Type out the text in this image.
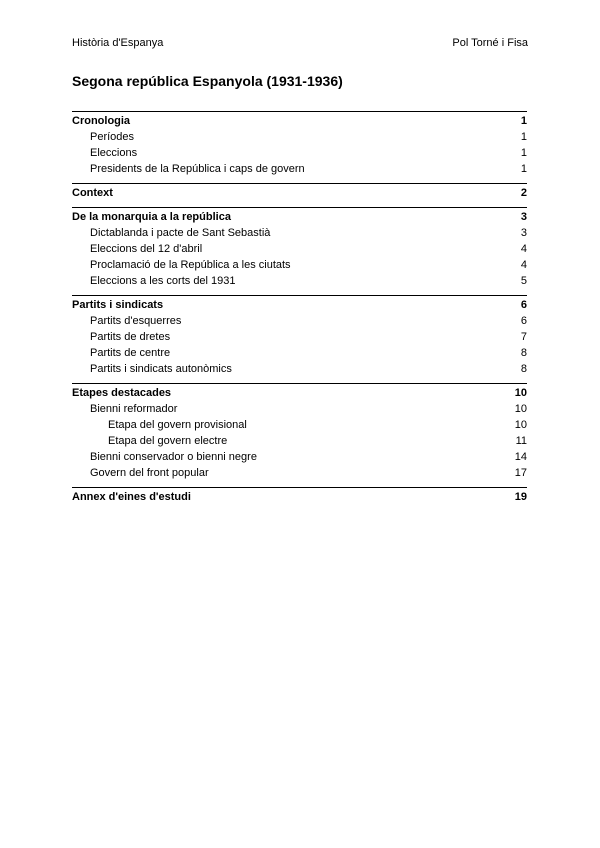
Història d'Espanya	Pol Torné i Fisa
Segona república Espanyola (1931-1936)
Cronologia	1
Períodes	1
Eleccions	1
Presidents de la República i caps de govern	1
Context	2
De la monarquia a la república	3
Dictablanda i pacte de Sant Sebastià	3
Eleccions del 12 d'abril	4
Proclamació de la República a les ciutats	4
Eleccions a les corts del 1931	5
Partits i sindicats	6
Partits d'esquerres	6
Partits de dretes	7
Partits de centre	8
Partits i sindicats autonòmics	8
Etapes destacades	10
Bienni reformador	10
Etapa del govern provisional	10
Etapa del govern electre	11
Bienni conservador o bienni negre	14
Govern del front popular	17
Annex d'eines d'estudi	19
